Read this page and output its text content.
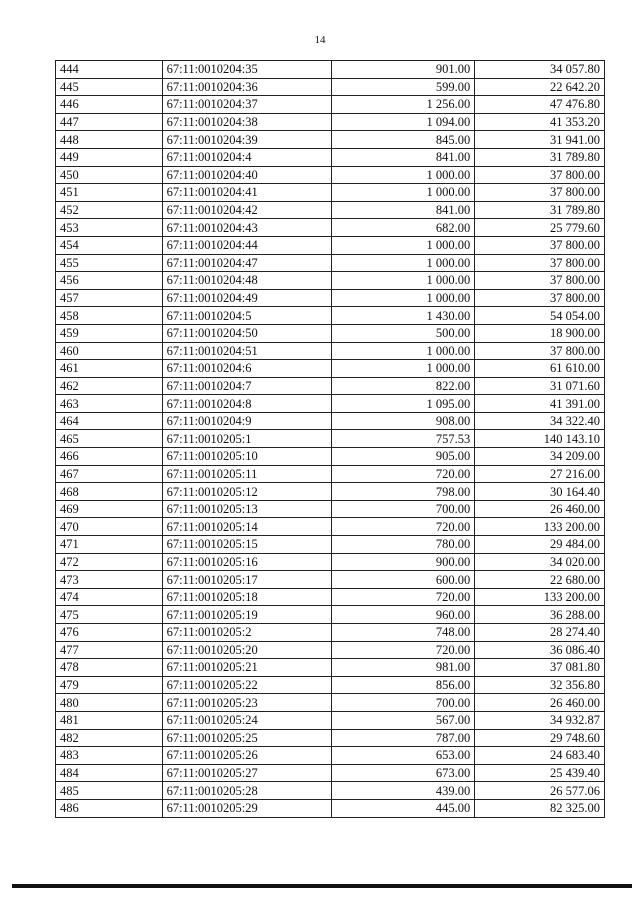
14
444	67:11:0010204:35	901.00	34 057.80
445	67:11:0010204:36	599.00	22 642.20
446	67:11:0010204:37	1 256.00	47 476.80
447	67:11:0010204:38	1 094.00	41 353.20
448	67:11:0010204:39	845.00	31 941.00
449	67:11:0010204:4	841.00	31 789.80
450	67:11:0010204:40	1 000.00	37 800.00
451	67:11:0010204:41	1 000.00	37 800.00
452	67:11:0010204:42	841.00	31 789.80
453	67:11:0010204:43	682.00	25 779.60
454	67:11:0010204:44	1 000.00	37 800.00
455	67:11:0010204:47	1 000.00	37 800.00
456	67:11:0010204:48	1 000.00	37 800.00
457	67:11:0010204:49	1 000.00	37 800.00
458	67:11:0010204:5	1 430.00	54 054.00
459	67:11:0010204:50	500.00	18 900.00
460	67:11:0010204:51	1 000.00	37 800.00
461	67:11:0010204:6	1 000.00	61 610.00
462	67:11:0010204:7	822.00	31 071.60
463	67:11:0010204:8	1 095.00	41 391.00
464	67:11:0010204:9	908.00	34 322.40
465	67:11:0010205:1	757.53	140 143.10
466	67:11:0010205:10	905.00	34 209.00
467	67:11:0010205:11	720.00	27 216.00
468	67:11:0010205:12	798.00	30 164.40
469	67:11:0010205:13	700.00	26 460.00
470	67:11:0010205:14	720.00	133 200.00
471	67:11:0010205:15	780.00	29 484.00
472	67:11:0010205:16	900.00	34 020.00
473	67:11:0010205:17	600.00	22 680.00
474	67:11:0010205:18	720.00	133 200.00
475	67:11:0010205:19	960.00	36 288.00
476	67:11:0010205:2	748.00	28 274.40
477	67:11:0010205:20	720.00	36 086.40
478	67:11:0010205:21	981.00	37 081.80
479	67:11:0010205:22	856.00	32 356.80
480	67:11:0010205:23	700.00	26 460.00
481	67:11:0010205:24	567.00	34 932.87
482	67:11:0010205:25	787.00	29 748.60
483	67:11:0010205:26	653.00	24 683.40
484	67:11:0010205:27	673.00	25 439.40
485	67:11:0010205:28	439.00	26 577.06
486	67:11:0010205:29	445.00	82 325.00
